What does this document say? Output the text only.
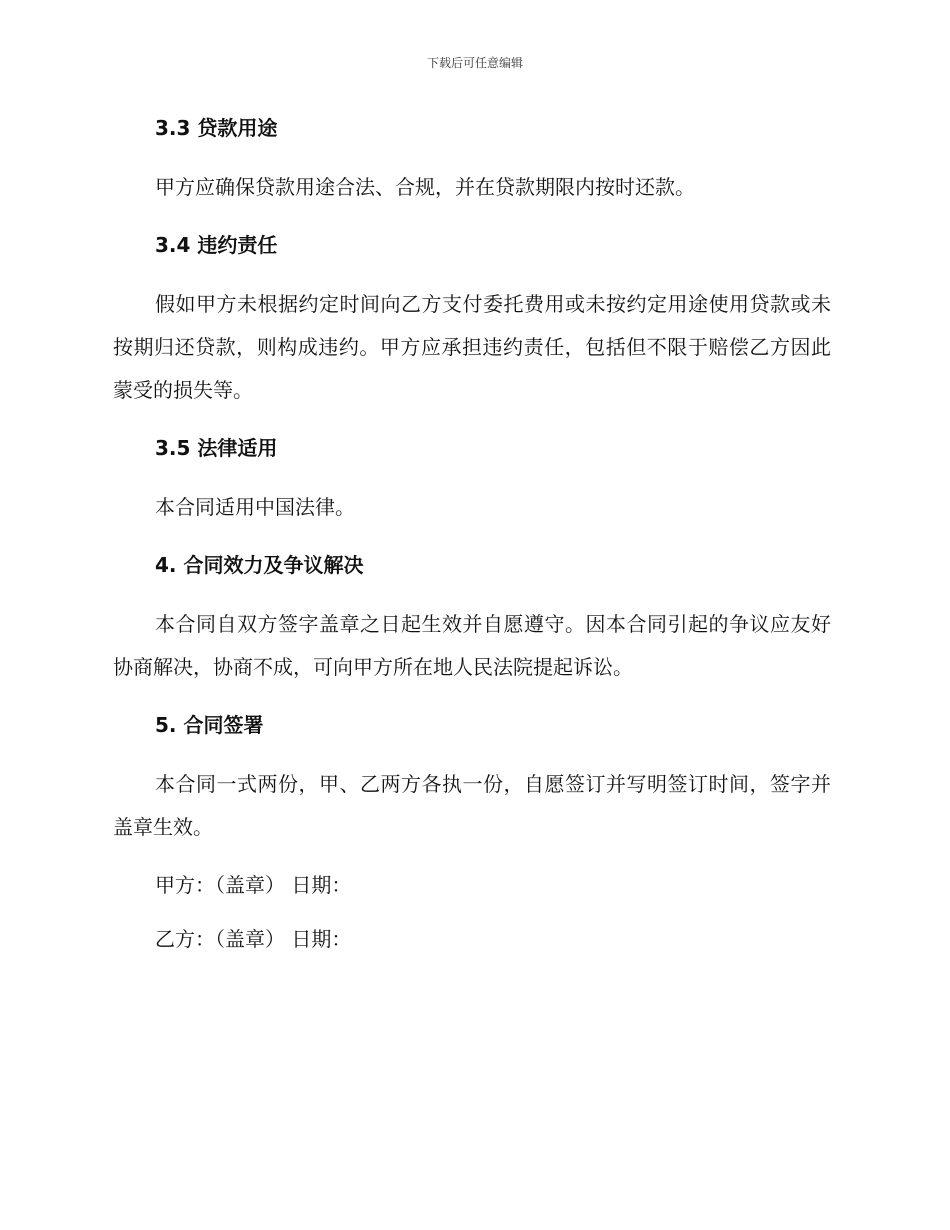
下载后可任意编辑
3.3 贷款用途

甲方应确保贷款用途合法、合规，并在贷款期限内按时还款。

3.4 违约责任

假如甲方未根据约定时间向乙方支付委托费用或未按约定用途使用贷款或未按期归还贷款，则构成违约。甲方应承担违约责任，包括但不限于赔偿乙方因此蒙受的损失等。

3.5 法律适用

本合同适用中国法律。

4. 合同效力及争议解决

本合同自双方签字盖章之日起生效并自愿遵守。因本合同引起的争议应友好协商解决，协商不成，可向甲方所在地人民法院提起诉讼。

5. 合同签署

本合同一式两份，甲、乙两方各执一份，自愿签订并写明签订时间，签字并盖章生效。

甲方：（盖章） 日期：
乙方：（盖章） 日期：
